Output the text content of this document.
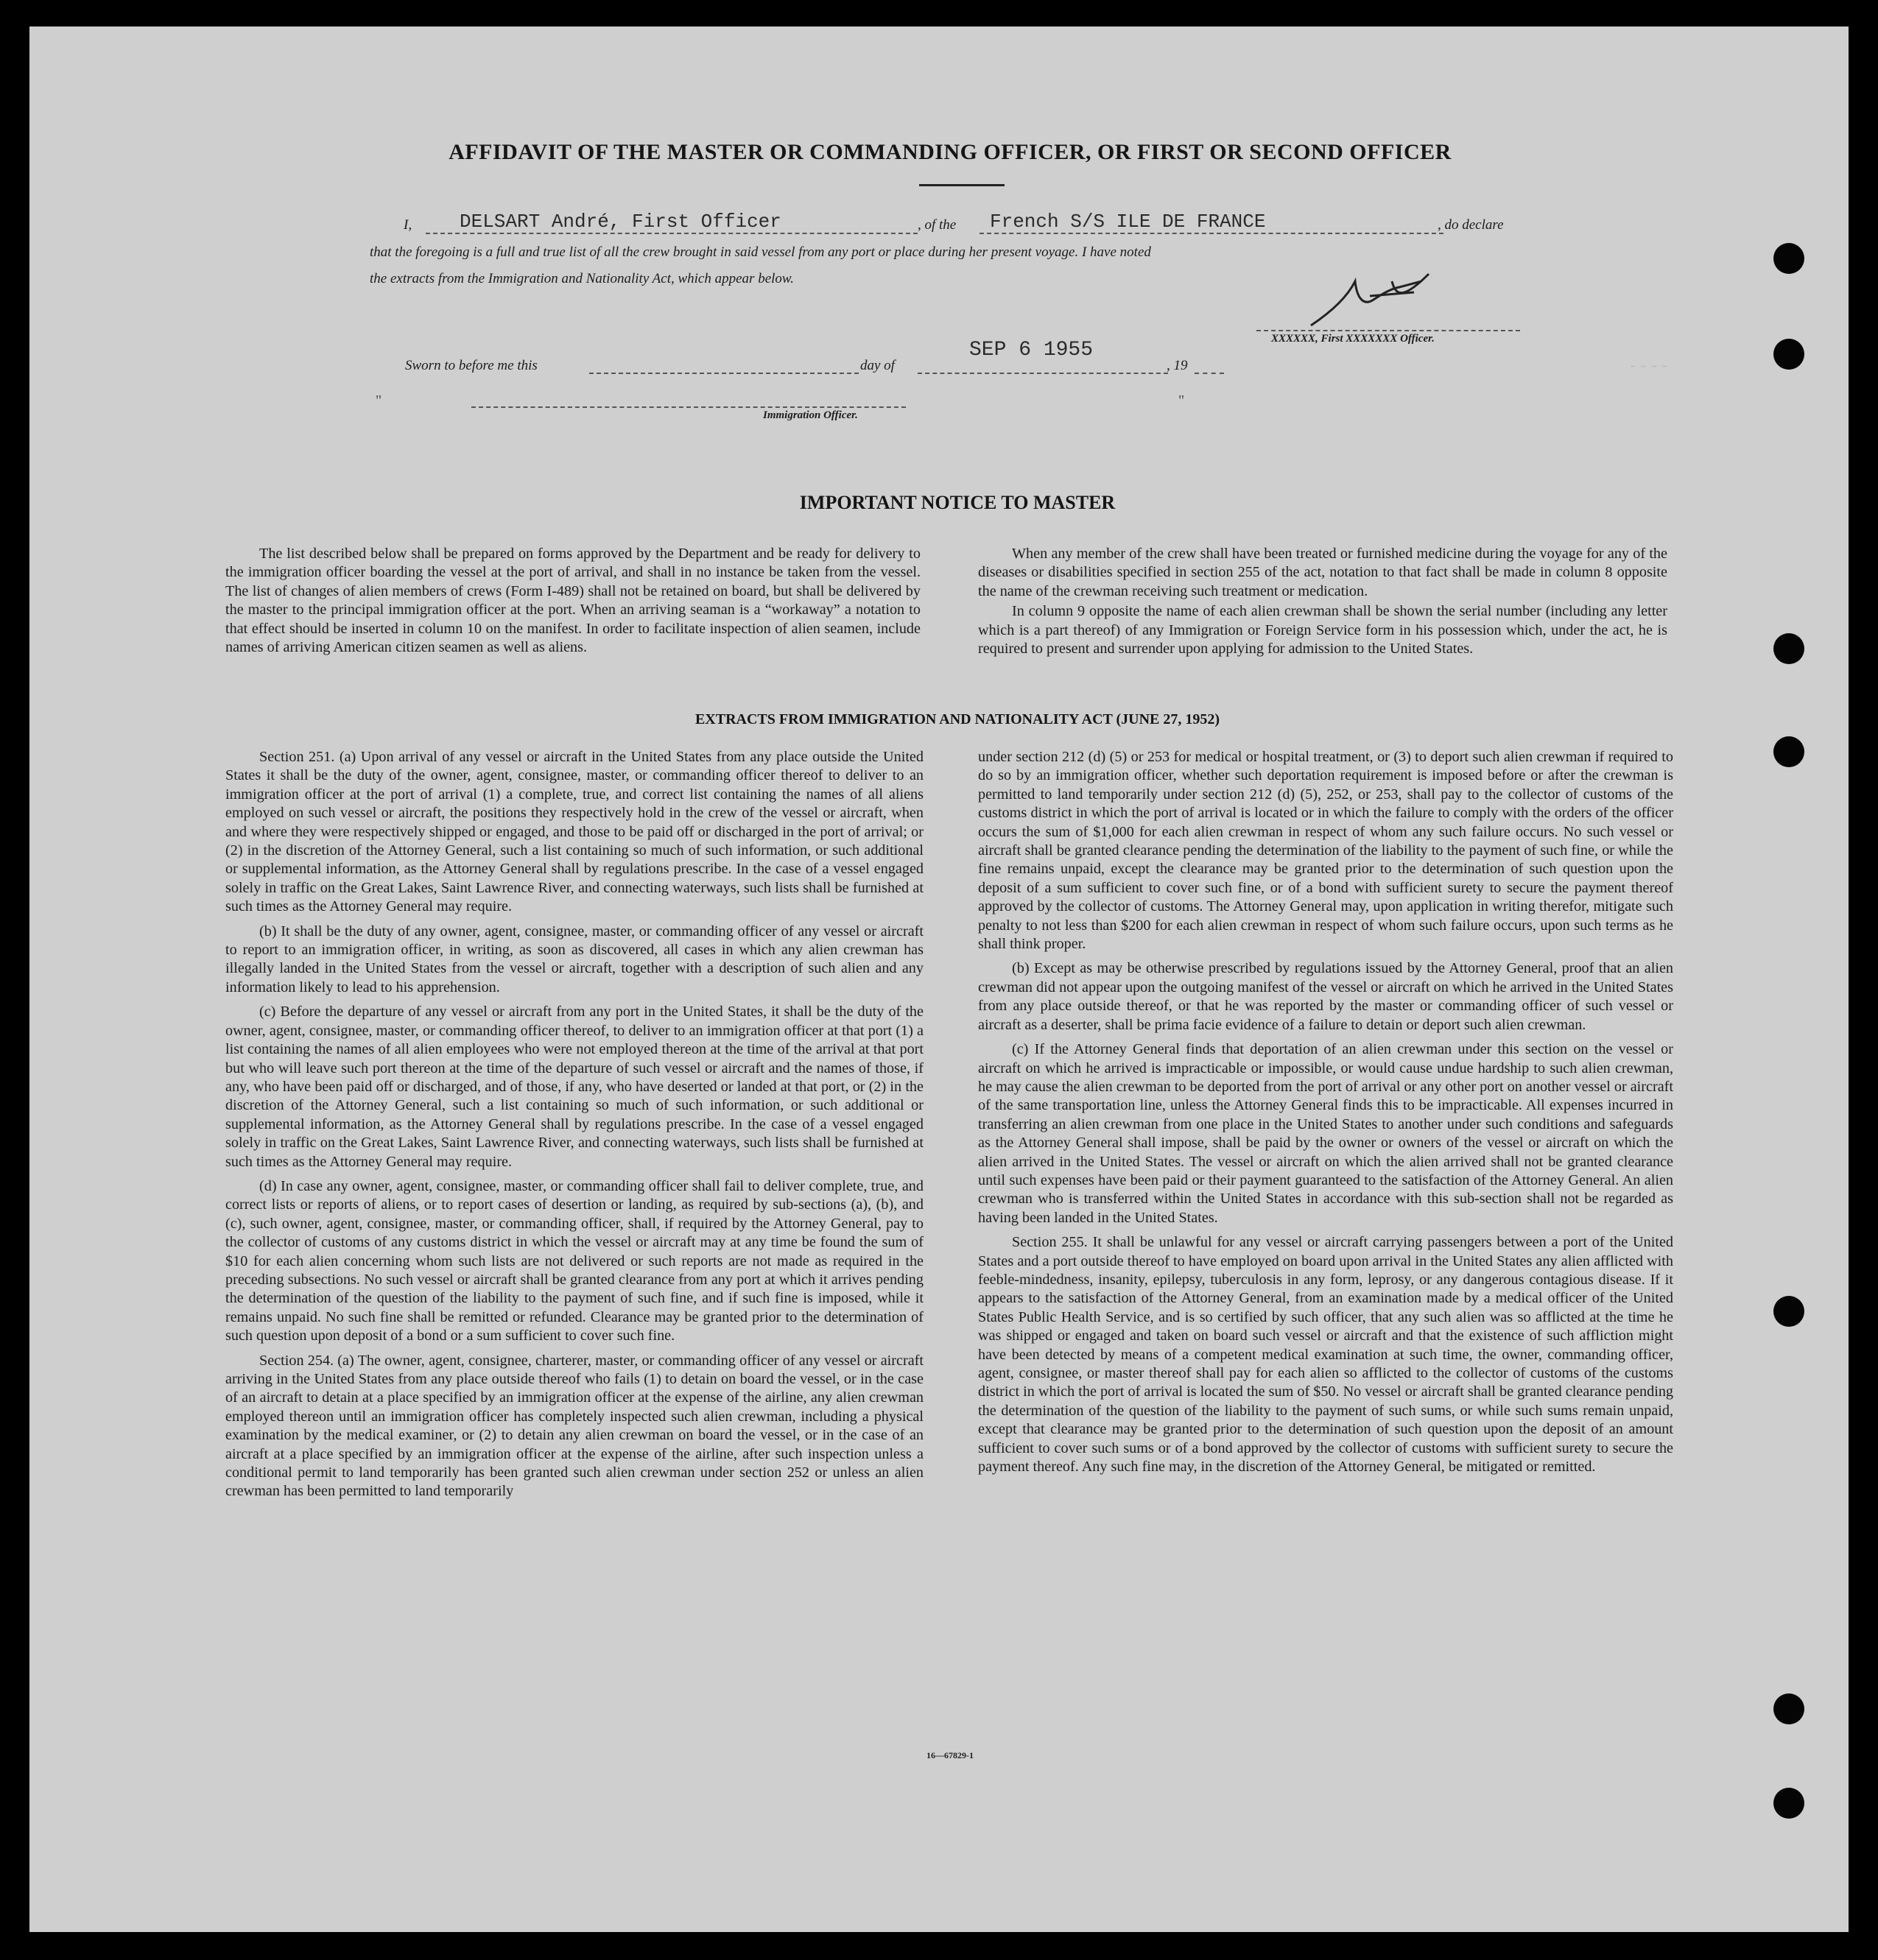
‑‑‑‑
AFFIDAVIT OF THE MASTER OR COMMANDING OFFICER, OR FIRST OR SECOND OFFICER
I, DELSART André, First Officer	, of the French S/S ILE DE FRANCE	, do declare
that the foregoing is a full and true list of all the crew brought in said vessel from any port or place during her present voyage. I have noted
the extracts from the Immigration and Nationality Act, which appear below.
XXXXXX, First XXXXXXX Officer.
Sworn to before me this	day of
SEP 6 1955
, 19
"	"
Immigration Officer.
IMPORTANT NOTICE TO MASTER

The list described below shall be prepared on forms approved by the Department and be ready for delivery to the immigration officer boarding the vessel at the port of arrival, and shall in no instance be taken from the vessel. The list of changes of alien members of crews (Form I-489) shall not be retained on board, but shall be delivered by the master to the principal immigration officer at the port. When an arriving seaman is a “workaway” a notation to that effect should be inserted in column 10 on the manifest. In order to facilitate inspection of alien seamen, include names of arriving American citizen seamen as well as aliens.

When any member of the crew shall have been treated or furnished medicine during the voyage for any of the diseases or disabilities specified in section 255 of the act, notation to that fact shall be made in column 8 opposite the name of the crewman receiving such treatment or medication.

In column 9 opposite the name of each alien crewman shall be shown the serial number (including any letter which is a part thereof) of any Immigration or Foreign Service form in his possession which, under the act, he is required to present and surrender upon applying for admission to the United States.

EXTRACTS FROM IMMIGRATION AND NATIONALITY ACT (JUNE 27, 1952)

Section 251. (a) Upon arrival of any vessel or aircraft in the United States from any place outside the United States it shall be the duty of the owner, agent, consignee, master, or commanding officer thereof to deliver to an immigration officer at the port of arrival (1) a complete, true, and correct list containing the names of all aliens employed on such vessel or aircraft, the positions they respectively hold in the crew of the vessel or aircraft, when and where they were respectively shipped or engaged, and those to be paid off or discharged in the port of arrival; or (2) in the discretion of the Attorney General, such a list containing so much of such information, or such additional or supplemental information, as the Attorney General shall by regulations prescribe. In the case of a vessel engaged solely in traffic on the Great Lakes, Saint Lawrence River, and connecting waterways, such lists shall be furnished at such times as the Attorney General may require.

(b) It shall be the duty of any owner, agent, consignee, master, or commanding officer of any vessel or aircraft to report to an immigration officer, in writing, as soon as discovered, all cases in which any alien crewman has illegally landed in the United States from the vessel or aircraft, together with a description of such alien and any information likely to lead to his apprehension.

(c) Before the departure of any vessel or aircraft from any port in the United States, it shall be the duty of the owner, agent, consignee, master, or commanding officer thereof, to deliver to an immigration officer at that port (1) a list containing the names of all alien employees who were not employed thereon at the time of the arrival at that port but who will leave such port thereon at the time of the departure of such vessel or aircraft and the names of those, if any, who have been paid off or discharged, and of those, if any, who have deserted or landed at that port, or (2) in the discretion of the Attorney General, such a list containing so much of such information, or such additional or supplemental information, as the Attorney General shall by regulations prescribe. In the case of a vessel engaged solely in traffic on the Great Lakes, Saint Lawrence River, and connecting waterways, such lists shall be furnished at such times as the Attorney General may require.

(d) In case any owner, agent, consignee, master, or commanding officer shall fail to deliver complete, true, and correct lists or reports of aliens, or to report cases of desertion or landing, as required by sub-sections (a), (b), and (c), such owner, agent, consignee, master, or commanding officer, shall, if required by the Attorney General, pay to the collector of customs of any customs district in which the vessel or aircraft may at any time be found the sum of $10 for each alien concerning whom such lists are not delivered or such reports are not made as required in the preceding subsections. No such vessel or aircraft shall be granted clearance from any port at which it arrives pending the determination of the question of the liability to the payment of such fine, and if such fine is imposed, while it remains unpaid. No such fine shall be remitted or refunded. Clearance may be granted prior to the determination of such question upon deposit of a bond or a sum sufficient to cover such fine.

Section 254. (a) The owner, agent, consignee, charterer, master, or commanding officer of any vessel or aircraft arriving in the United States from any place outside thereof who fails (1) to detain on board the vessel, or in the case of an aircraft to detain at a place specified by an immigration officer at the expense of the airline, any alien crewman employed thereon until an immigration officer has completely inspected such alien crewman, including a physical examination by the medical examiner, or (2) to detain any alien crewman on board the vessel, or in the case of an aircraft at a place specified by an immigration officer at the expense of the airline, after such inspection unless a conditional permit to land temporarily has been granted such alien crewman under section 252 or unless an alien crewman has been permitted to land temporarily

under section 212 (d) (5) or 253 for medical or hospital treatment, or (3) to deport such alien crewman if required to do so by an immigration officer, whether such deportation requirement is imposed before or after the crewman is permitted to land temporarily under section 212 (d) (5), 252, or 253, shall pay to the collector of customs of the customs district in which the port of arrival is located or in which the failure to comply with the orders of the officer occurs the sum of $1,000 for each alien crewman in respect of whom any such failure occurs. No such vessel or aircraft shall be granted clearance pending the determination of the liability to the payment of such fine, or while the fine remains unpaid, except the clearance may be granted prior to the determination of such question upon the deposit of a sum sufficient to cover such fine, or of a bond with sufficient surety to secure the payment thereof approved by the collector of customs. The Attorney General may, upon application in writing therefor, mitigate such penalty to not less than $200 for each alien crewman in respect of whom such failure occurs, upon such terms as he shall think proper.

(b) Except as may be otherwise prescribed by regulations issued by the Attorney General, proof that an alien crewman did not appear upon the outgoing manifest of the vessel or aircraft on which he arrived in the United States from any place outside thereof, or that he was reported by the master or commanding officer of such vessel or aircraft as a deserter, shall be prima facie evidence of a failure to detain or deport such alien crewman.

(c) If the Attorney General finds that deportation of an alien crewman under this section on the vessel or aircraft on which he arrived is impracticable or impossible, or would cause undue hardship to such alien crewman, he may cause the alien crewman to be deported from the port of arrival or any other port on another vessel or aircraft of the same transportation line, unless the Attorney General finds this to be impracticable. All expenses incurred in transferring an alien crewman from one place in the United States to another under such conditions and safeguards as the Attorney General shall impose, shall be paid by the owner or owners of the vessel or aircraft on which the alien arrived in the United States. The vessel or aircraft on which the alien arrived shall not be granted clearance until such expenses have been paid or their payment guaranteed to the satisfaction of the Attorney General. An alien crewman who is transferred within the United States in accordance with this sub-section shall not be regarded as having been landed in the United States.

Section 255. It shall be unlawful for any vessel or aircraft carrying passengers between a port of the United States and a port outside thereof to have employed on board upon arrival in the United States any alien afflicted with feeble-mindedness, insanity, epilepsy, tuberculosis in any form, leprosy, or any dangerous contagious disease. If it appears to the satisfaction of the Attorney General, from an examination made by a medical officer of the United States Public Health Service, and is so certified by such officer, that any such alien was so afflicted at the time he was shipped or engaged and taken on board such vessel or aircraft and that the existence of such affliction might have been detected by means of a competent medical examination at such time, the owner, commanding officer, agent, consignee, or master thereof shall pay for each alien so afflicted to the collector of customs of the customs district in which the port of arrival is located the sum of $50. No vessel or aircraft shall be granted clearance pending the determination of the question of the liability to the payment of such sums, or while such sums remain unpaid, except that clearance may be granted prior to the determination of such question upon the deposit of an amount sufficient to cover such sums or of a bond approved by the collector of customs with sufficient surety to secure the payment thereof. Any such fine may, in the discretion of the Attorney General, be mitigated or remitted.

16—67829-1
